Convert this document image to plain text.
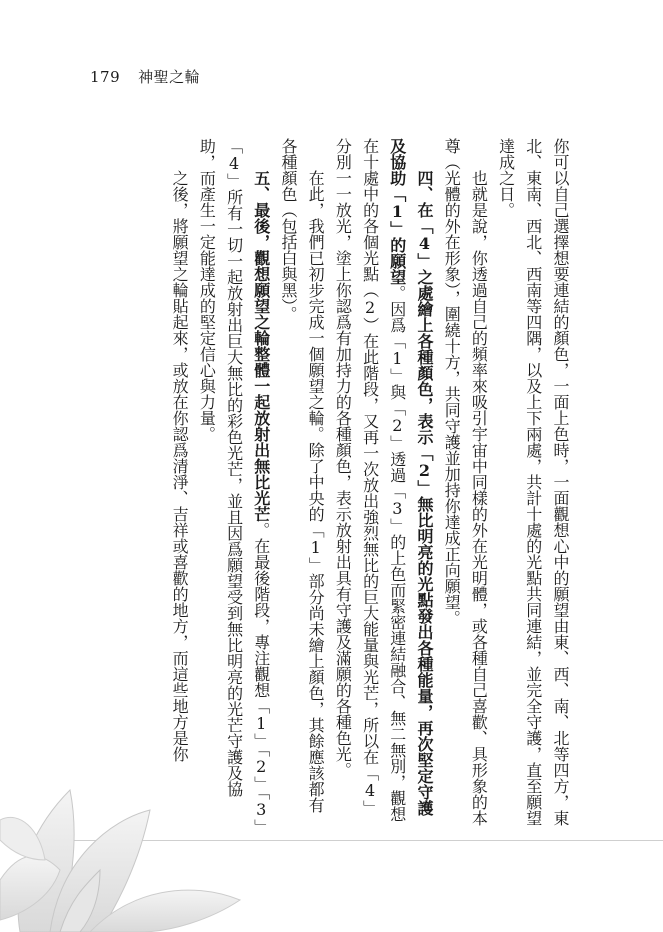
179 神聖之輪

你可以自己選擇想要連結的顏色，一面上色時，一面觀想心中的願望由東、西、南、北等四方，東北、東南、西北、西南等四隅，以及上下兩處，共計十處的光點共同連結，並完全守護，直至願望達成之日。

也就是說，你透過自己的頻率來吸引宇宙中同樣的外在光明體，或各種自己喜歡、具形象的本尊（光體的外在形象），圍繞十方，共同守護並加持你達成正向願望。

四、在「4」之處繪上各種顏色，表示「2」無比明亮的光點發出各種能量，再次堅定守護及協助「1」的願望。因爲「1」與「2」透過「3」的上色而緊密連結融合、無二無別，觀想在十處中的各個光點（2）在此階段，又再一次放出強烈無比的巨大能量與光芒，所以在「4」分別一一放光，塗上你認爲有加持力的各種顏色，表示放射出具有守護及滿願的各種色光。

在此，我們已初步完成一個願望之輪。除了中央的「1」部分尚未繪上顏色，其餘應該都有各種顏色（包括白與黑）。

五、最後，觀想願望之輪整體一起放射出無比光芒。在最後階段，專注觀想「1」「2」「3」「4」所有一切一起放射出巨大無比的彩色光芒，並且因爲願望受到無比明亮的光芒守護及協助，而產生一定能達成的堅定信心與力量。

之後，將願望之輪貼起來，或放在你認爲清淨、吉祥或喜歡的地方，而這些地方是你
